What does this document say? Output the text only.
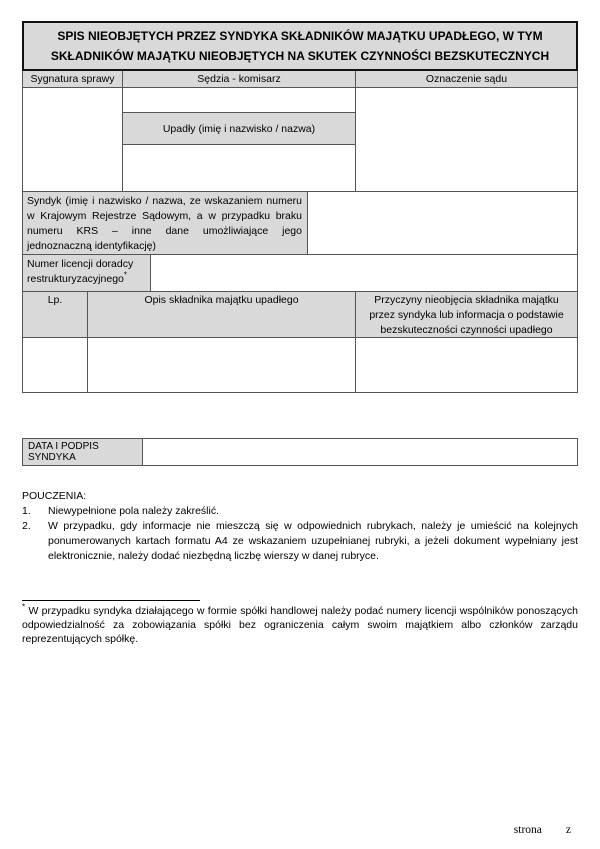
SPIS NIEOBJĘTYCH PRZEZ SYNDYKA SKŁADNIKÓW MAJĄTKU UPADŁEGO, W TYM SKŁADNIKÓW MAJĄTKU NIEOBJĘTYCH NA SKUTEK CZYNNOŚCI BEZSKUTECZNYCH
Sygnatura sprawy	Sędzia - komisarz	Oznaczenie sądu
Upadły (imię i nazwisko / nazwa)
Syndyk (imię i nazwisko / nazwa, ze wskazaniem numeru w Krajowym Rejestrze Sądowym, a w przypadku braku numeru KRS – inne dane umożliwiające jego jednoznaczną identyfikację)
Numer licencji doradcy restrukturyzacyjnego*
Lp.	Opis składnika majątku upadłego	Przyczyny nieobjęcia składnika majątku przez syndyka lub informacja o podstawie bezskuteczności czynności upadłego
DATA I PODPIS SYNDYKA
POUCZENIA:
1.	Niewypełnione pola należy zakreślić.
2.	W przypadku, gdy informacje nie mieszczą się w odpowiednich rubrykach, należy je umieścić na kolejnych ponumerowanych kartach formatu A4 ze wskazaniem uzupełnianej rubryki, a jeżeli dokument wypełniany jest elektronicznie, należy dodać niezbędną liczbę wierszy w danej rubryce.

* W przypadku syndyka działającego w formie spółki handlowej należy podać numery licencji wspólników ponoszących odpowiedzialność za zobowiązania spółki bez ograniczenia całym swoim majątkiem albo członków zarządu reprezentujących spółkę.

strona z
